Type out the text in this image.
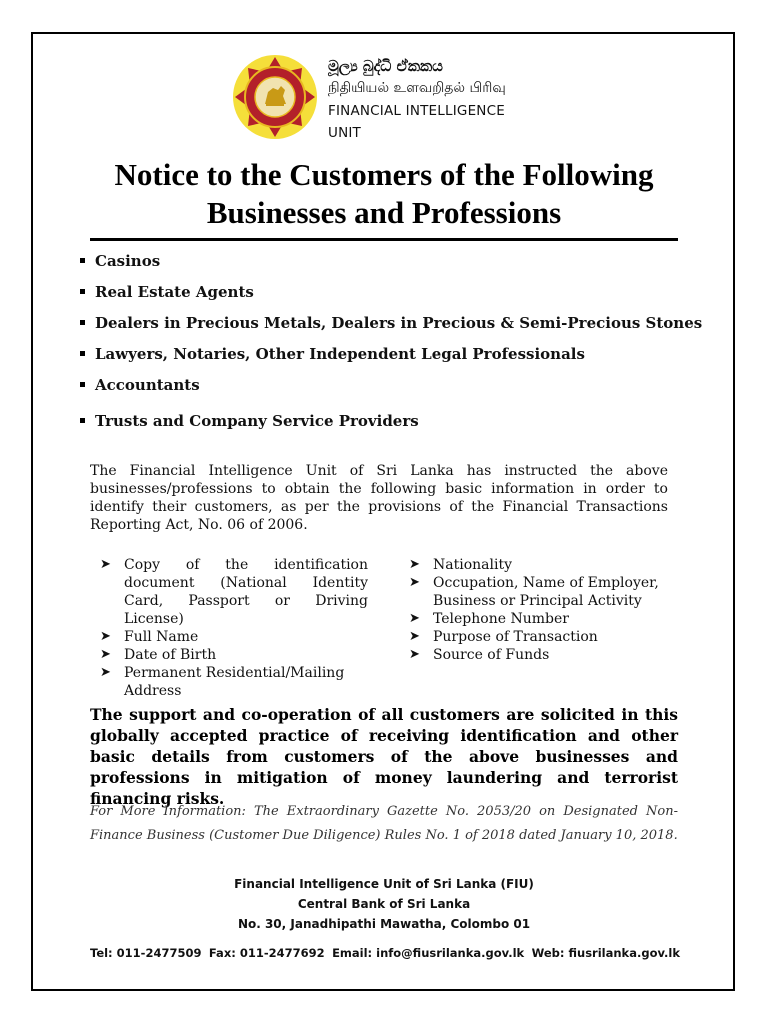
මූල්‍ය බුද්ධි ඒකකය
நிதியியல் உளவறிதல் பிரிவு
FINANCIAL INTELLIGENCE UNIT
Notice to the Customers of the Following
Businesses and Professions
Casinos
Real Estate Agents
Dealers in Precious Metals, Dealers in Precious & Semi-Precious Stones
Lawyers, Notaries, Other Independent Legal Professionals
Accountants
Trusts and Company Service Providers
The Financial Intelligence Unit of Sri Lanka has instructed the above businesses/professions to obtain the following basic information in order to identify their customers, as per the provisions of the Financial Transactions Reporting Act, No. 06 of 2006.
➤ Copy of the identification document (National Identity Card, Passport or Driving License)
➤ Full Name
➤ Date of Birth
➤ Permanent Residential/Mailing Address
➤ Nationality
➤ Occupation, Name of Employer, Business or Principal Activity
➤ Telephone Number
➤ Purpose of Transaction
➤ Source of Funds
The support and co-operation of all customers are solicited in this globally accepted practice of receiving identification and other basic details from customers of the above businesses and professions in mitigation of money laundering and terrorist financing risks.
For More Information: The Extraordinary Gazette No. 2053/20 on Designated Non-Finance Business (Customer Due Diligence) Rules No. 1 of 2018 dated January 10, 2018.
Financial Intelligence Unit of Sri Lanka (FIU)
Central Bank of Sri Lanka
No. 30, Janadhipathi Mawatha, Colombo 01
Tel: 011-2477509 Fax: 011-2477692 Email: info@fiusrilanka.gov.lk Web: fiusrilanka.gov.lk
